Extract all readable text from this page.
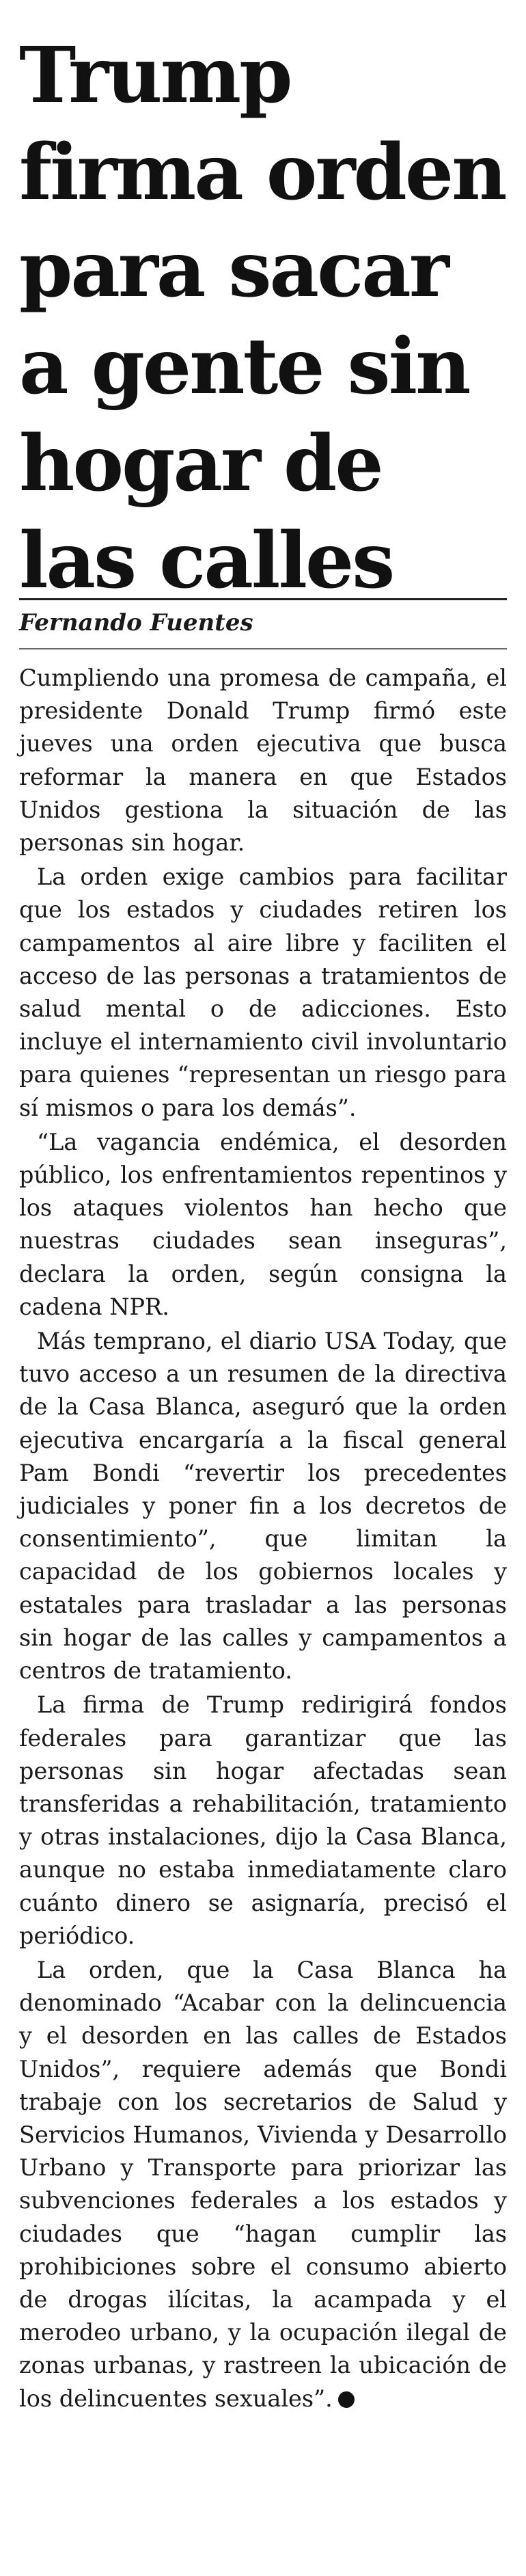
Trump firma orden para sacar a gente sin hogar de las calles
Fernando Fuentes

Cumpliendo una promesa de campaña, el presidente Donald Trump firmó este jueves una orden ejecutiva que busca reformar la manera en que Estados Unidos gestiona la situación de las personas sin hogar.

La orden exige cambios para facilitar que los estados y ciudades retiren los campamentos al aire libre y faciliten el acceso de las personas a tratamientos de salud mental o de adicciones. Esto incluye el internamiento civil involuntario para quienes “representan un riesgo para sí mismos o para los demás”.

“La vagancia endémica, el desorden público, los enfrentamientos repentinos y los ataques violentos han hecho que nuestras ciudades sean inseguras”, declara la orden, según consigna la cadena NPR.

Más temprano, el diario USA Today, que tuvo acceso a un resumen de la directiva de la Casa Blanca, aseguró que la orden ejecutiva encargaría a la fiscal general Pam Bondi “revertir los precedentes judiciales y poner fin a los decretos de consentimiento”, que limitan la capacidad de los gobiernos locales y estatales para trasladar a las personas sin hogar de las calles y campamentos a centros de tratamiento.

La firma de Trump redirigirá fondos federales para garantizar que las personas sin hogar afectadas sean transferidas a rehabilitación, tratamiento y otras instalaciones, dijo la Casa Blanca, aunque no estaba inmediatamente claro cuánto dinero se asignaría, precisó el periódico.

La orden, que la Casa Blanca ha denominado “Acabar con la delincuencia y el desorden en las calles de Estados Unidos”, requiere además que Bondi trabaje con los secretarios de Salud y Servicios Humanos, Vivienda y Desarrollo Urbano y Transporte para priorizar las subvenciones federales a los estados y ciudades que “hagan cumplir las prohibiciones sobre el consumo abierto de drogas ilícitas, la acampada y el merodeo urbano, y la ocupación ilegal de zonas urbanas, y rastreen la ubicación de los delincuentes sexuales”.
